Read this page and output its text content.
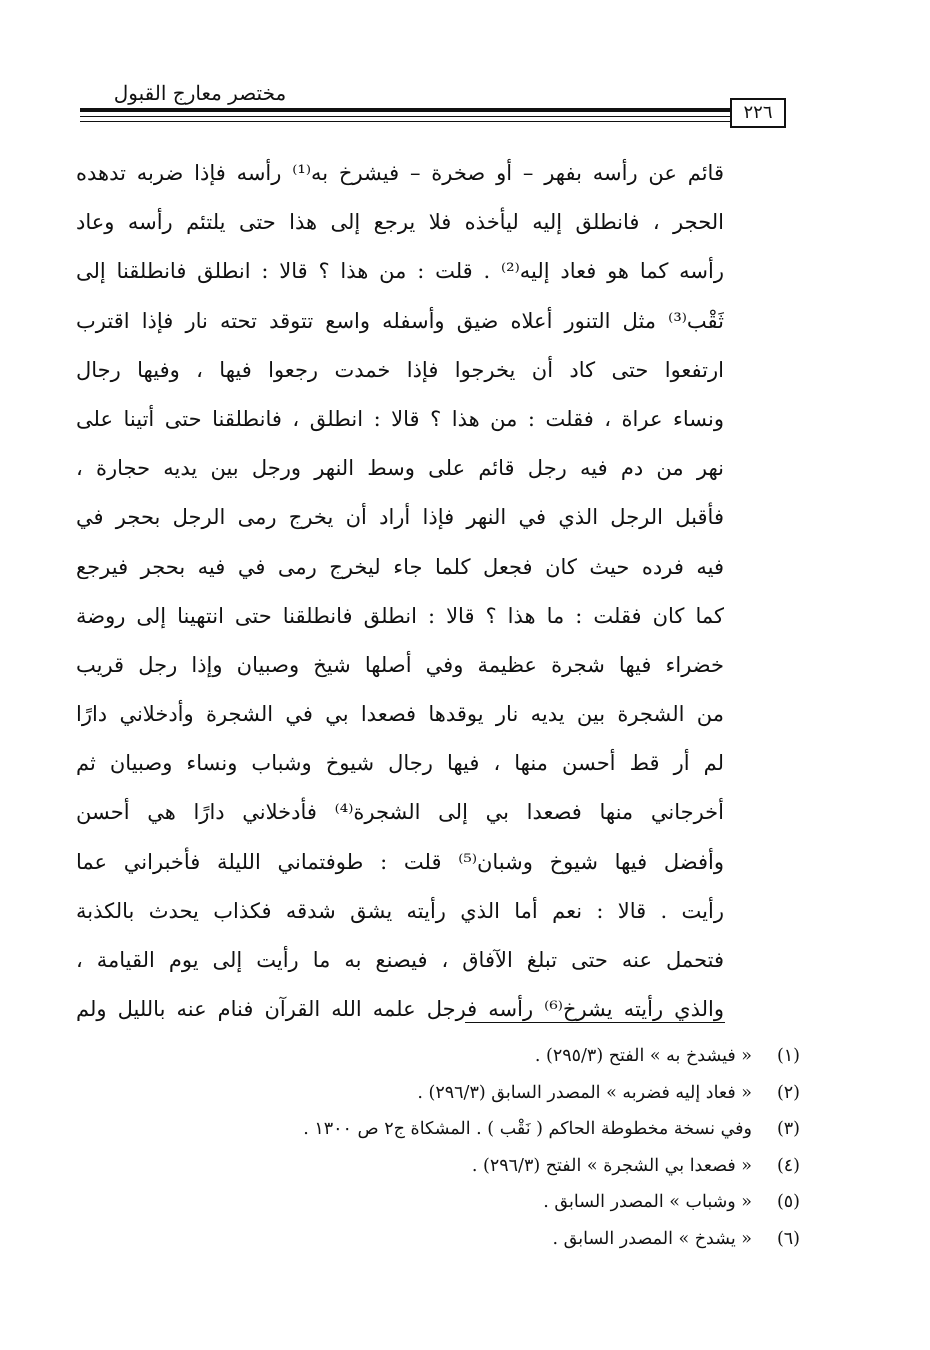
مختصر معارج القبول
٢٢٦
قائم عن رأسه بفهر – أو صخرة – فيشرخ به⁽¹⁾ رأسه فإذا ضربه تدهده
الحجر ، فانطلق إليه ليأخذه فلا يرجع إلى هذا حتى يلتئم رأسه وعاد
رأسه كما هو فعاد إليه⁽²⁾ . قلت : من هذا ؟ قالا : انطلق فانطلقنا إلى
ثَقْب⁽³⁾ مثل التنور أعلاه ضيق وأسفله واسع تتوقد تحته نار فإذا اقترب
ارتفعوا حتى كاد أن يخرجوا فإذا خمدت رجعوا فيها ، وفيها رجال
ونساء عراة ، فقلت : من هذا ؟ قالا : انطلق ، فانطلقنا حتى أتينا على
نهر من دم فيه رجل قائم على وسط النهر ورجل بين يديه حجارة ،
فأقبل الرجل الذي في النهر فإذا أراد أن يخرج رمى الرجل بحجر في
فيه فرده حيث كان فجعل كلما جاء ليخرج رمى في فيه بحجر فيرجع
كما كان فقلت : ما هذا ؟ قالا : انطلق فانطلقنا حتى انتهينا إلى روضة
خضراء فيها شجرة عظيمة وفي أصلها شيخ وصبيان وإذا رجل قريب
من الشجرة بين يديه نار يوقدها فصعدا بي في الشجرة وأدخلاني دارًا
لم أر قط أحسن منها ، فيها رجال شيوخ وشباب ونساء وصبيان ثم
أخرجاني منها فصعدا بي إلى الشجرة⁽⁴⁾ فأدخلاني دارًا هي أحسن
وأفضل فيها شيوخ وشبان⁽⁵⁾ قلت : طوفتماني الليلة فأخبراني عما
رأيت . قالا : نعم أما الذي رأيته يشق شدقه فكذاب يحدث بالكذبة
فتحمل عنه حتى تبلغ الآفاق ، فيصنع به ما رأيت إلى يوم القيامة ،
والذي رأيته يشرخ⁽⁶⁾ رأسه فرجل علمه الله القرآن فنام عنه بالليل ولم
(١)« فيشدخ به » الفتح (٢٩٥/٣) .
(٢)« فعاد إليه فضربه » المصدر السابق (٢٩٦/٣) .
(٣)وفي نسخة مخطوطة الحاكم ( نَقْب ) . المشكاة ج٢ ص ١٣٠٠ .
(٤)« فصعدا بي الشجرة » الفتح (٢٩٦/٣) .
(٥)« وشباب » المصدر السابق .
(٦)« يشدخ » المصدر السابق .
